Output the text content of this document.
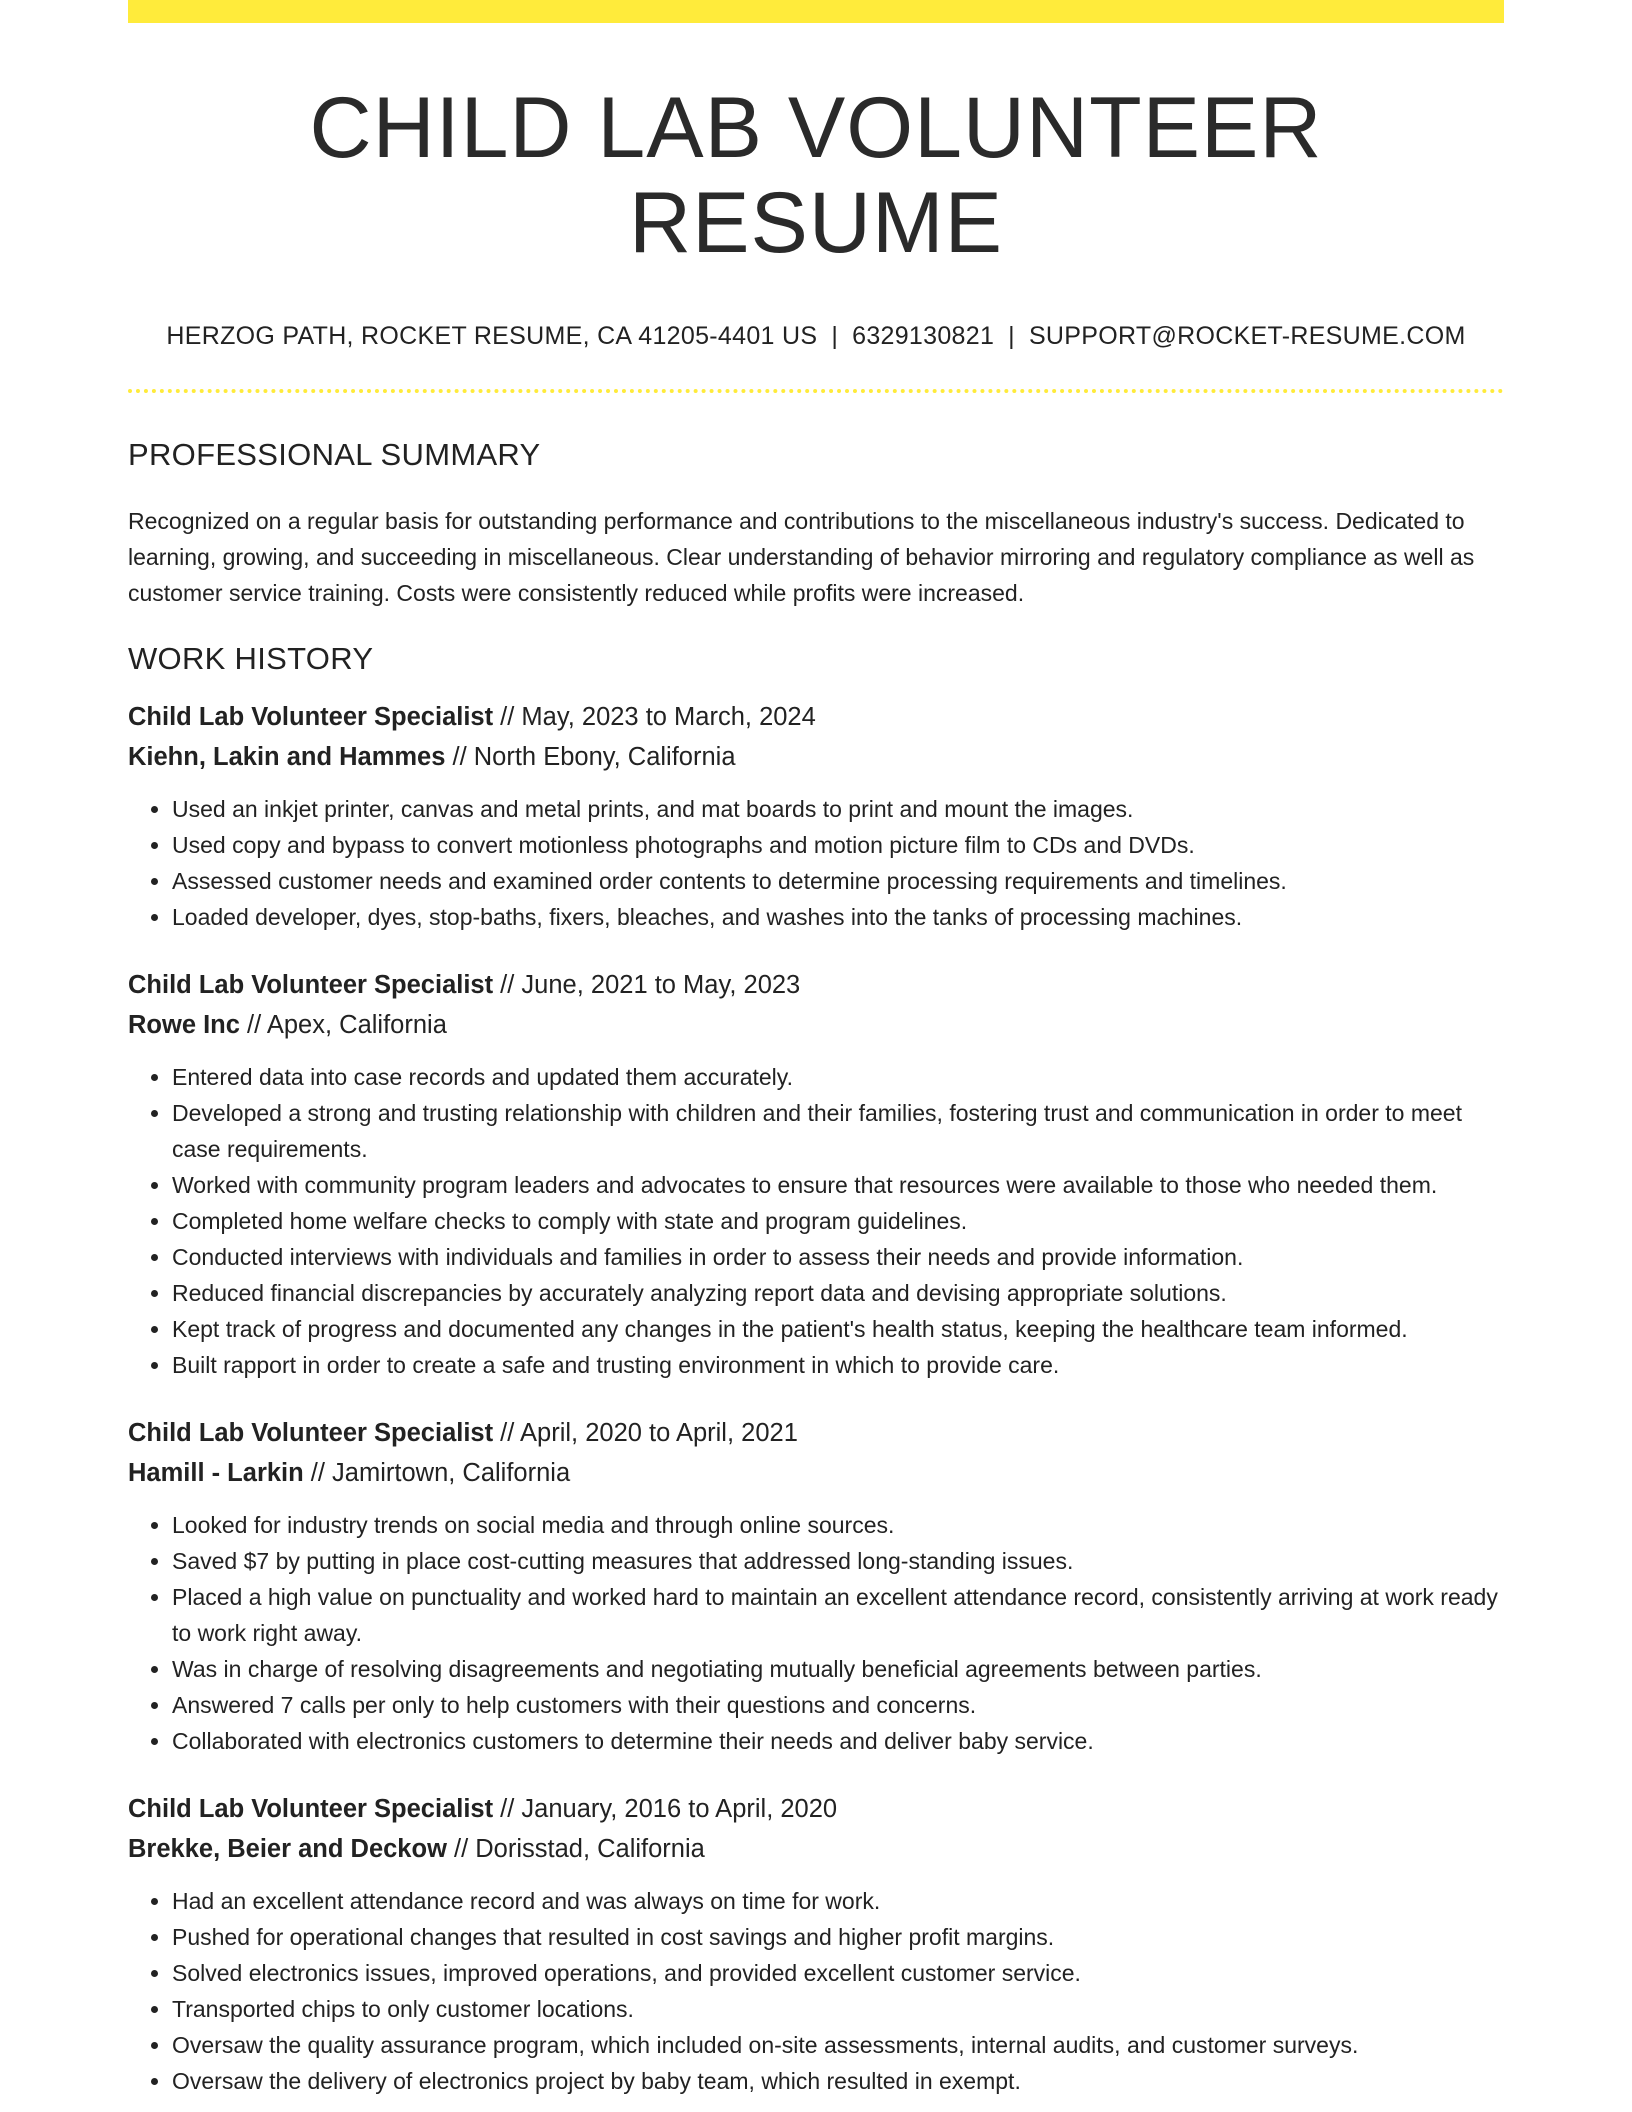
CHILD LAB VOLUNTEER RESUME
HERZOG PATH, ROCKET RESUME, CA 41205-4401 US | 6329130821 | SUPPORT@ROCKET-RESUME.COM
PROFESSIONAL SUMMARY
Recognized on a regular basis for outstanding performance and contributions to the miscellaneous industry's success. Dedicated to learning, growing, and succeeding in miscellaneous. Clear understanding of behavior mirroring and regulatory compliance as well as customer service training. Costs were consistently reduced while profits were increased.
WORK HISTORY
Child Lab Volunteer Specialist // May, 2023 to March, 2024
Kiehn, Lakin and Hammes // North Ebony, California
• Used an inkjet printer, canvas and metal prints, and mat boards to print and mount the images.
• Used copy and bypass to convert motionless photographs and motion picture film to CDs and DVDs.
• Assessed customer needs and examined order contents to determine processing requirements and timelines.
• Loaded developer, dyes, stop-baths, fixers, bleaches, and washes into the tanks of processing machines.
Child Lab Volunteer Specialist // June, 2021 to May, 2023
Rowe Inc // Apex, California
• Entered data into case records and updated them accurately.
• Developed a strong and trusting relationship with children and their families, fostering trust and communication in order to meet case requirements.
• Worked with community program leaders and advocates to ensure that resources were available to those who needed them.
• Completed home welfare checks to comply with state and program guidelines.
• Conducted interviews with individuals and families in order to assess their needs and provide information.
• Reduced financial discrepancies by accurately analyzing report data and devising appropriate solutions.
• Kept track of progress and documented any changes in the patient's health status, keeping the healthcare team informed.
• Built rapport in order to create a safe and trusting environment in which to provide care.
Child Lab Volunteer Specialist // April, 2020 to April, 2021
Hamill - Larkin // Jamirtown, California
• Looked for industry trends on social media and through online sources.
• Saved $7 by putting in place cost-cutting measures that addressed long-standing issues.
• Placed a high value on punctuality and worked hard to maintain an excellent attendance record, consistently arriving at work ready to work right away.
• Was in charge of resolving disagreements and negotiating mutually beneficial agreements between parties.
• Answered 7 calls per only to help customers with their questions and concerns.
• Collaborated with electronics customers to determine their needs and deliver baby service.
Child Lab Volunteer Specialist // January, 2016 to April, 2020
Brekke, Beier and Deckow // Dorisstad, California
• Had an excellent attendance record and was always on time for work.
• Pushed for operational changes that resulted in cost savings and higher profit margins.
• Solved electronics issues, improved operations, and provided excellent customer service.
• Transported chips to only customer locations.
• Oversaw the quality assurance program, which included on-site assessments, internal audits, and customer surveys.
• Oversaw the delivery of electronics project by baby team, which resulted in exempt.
